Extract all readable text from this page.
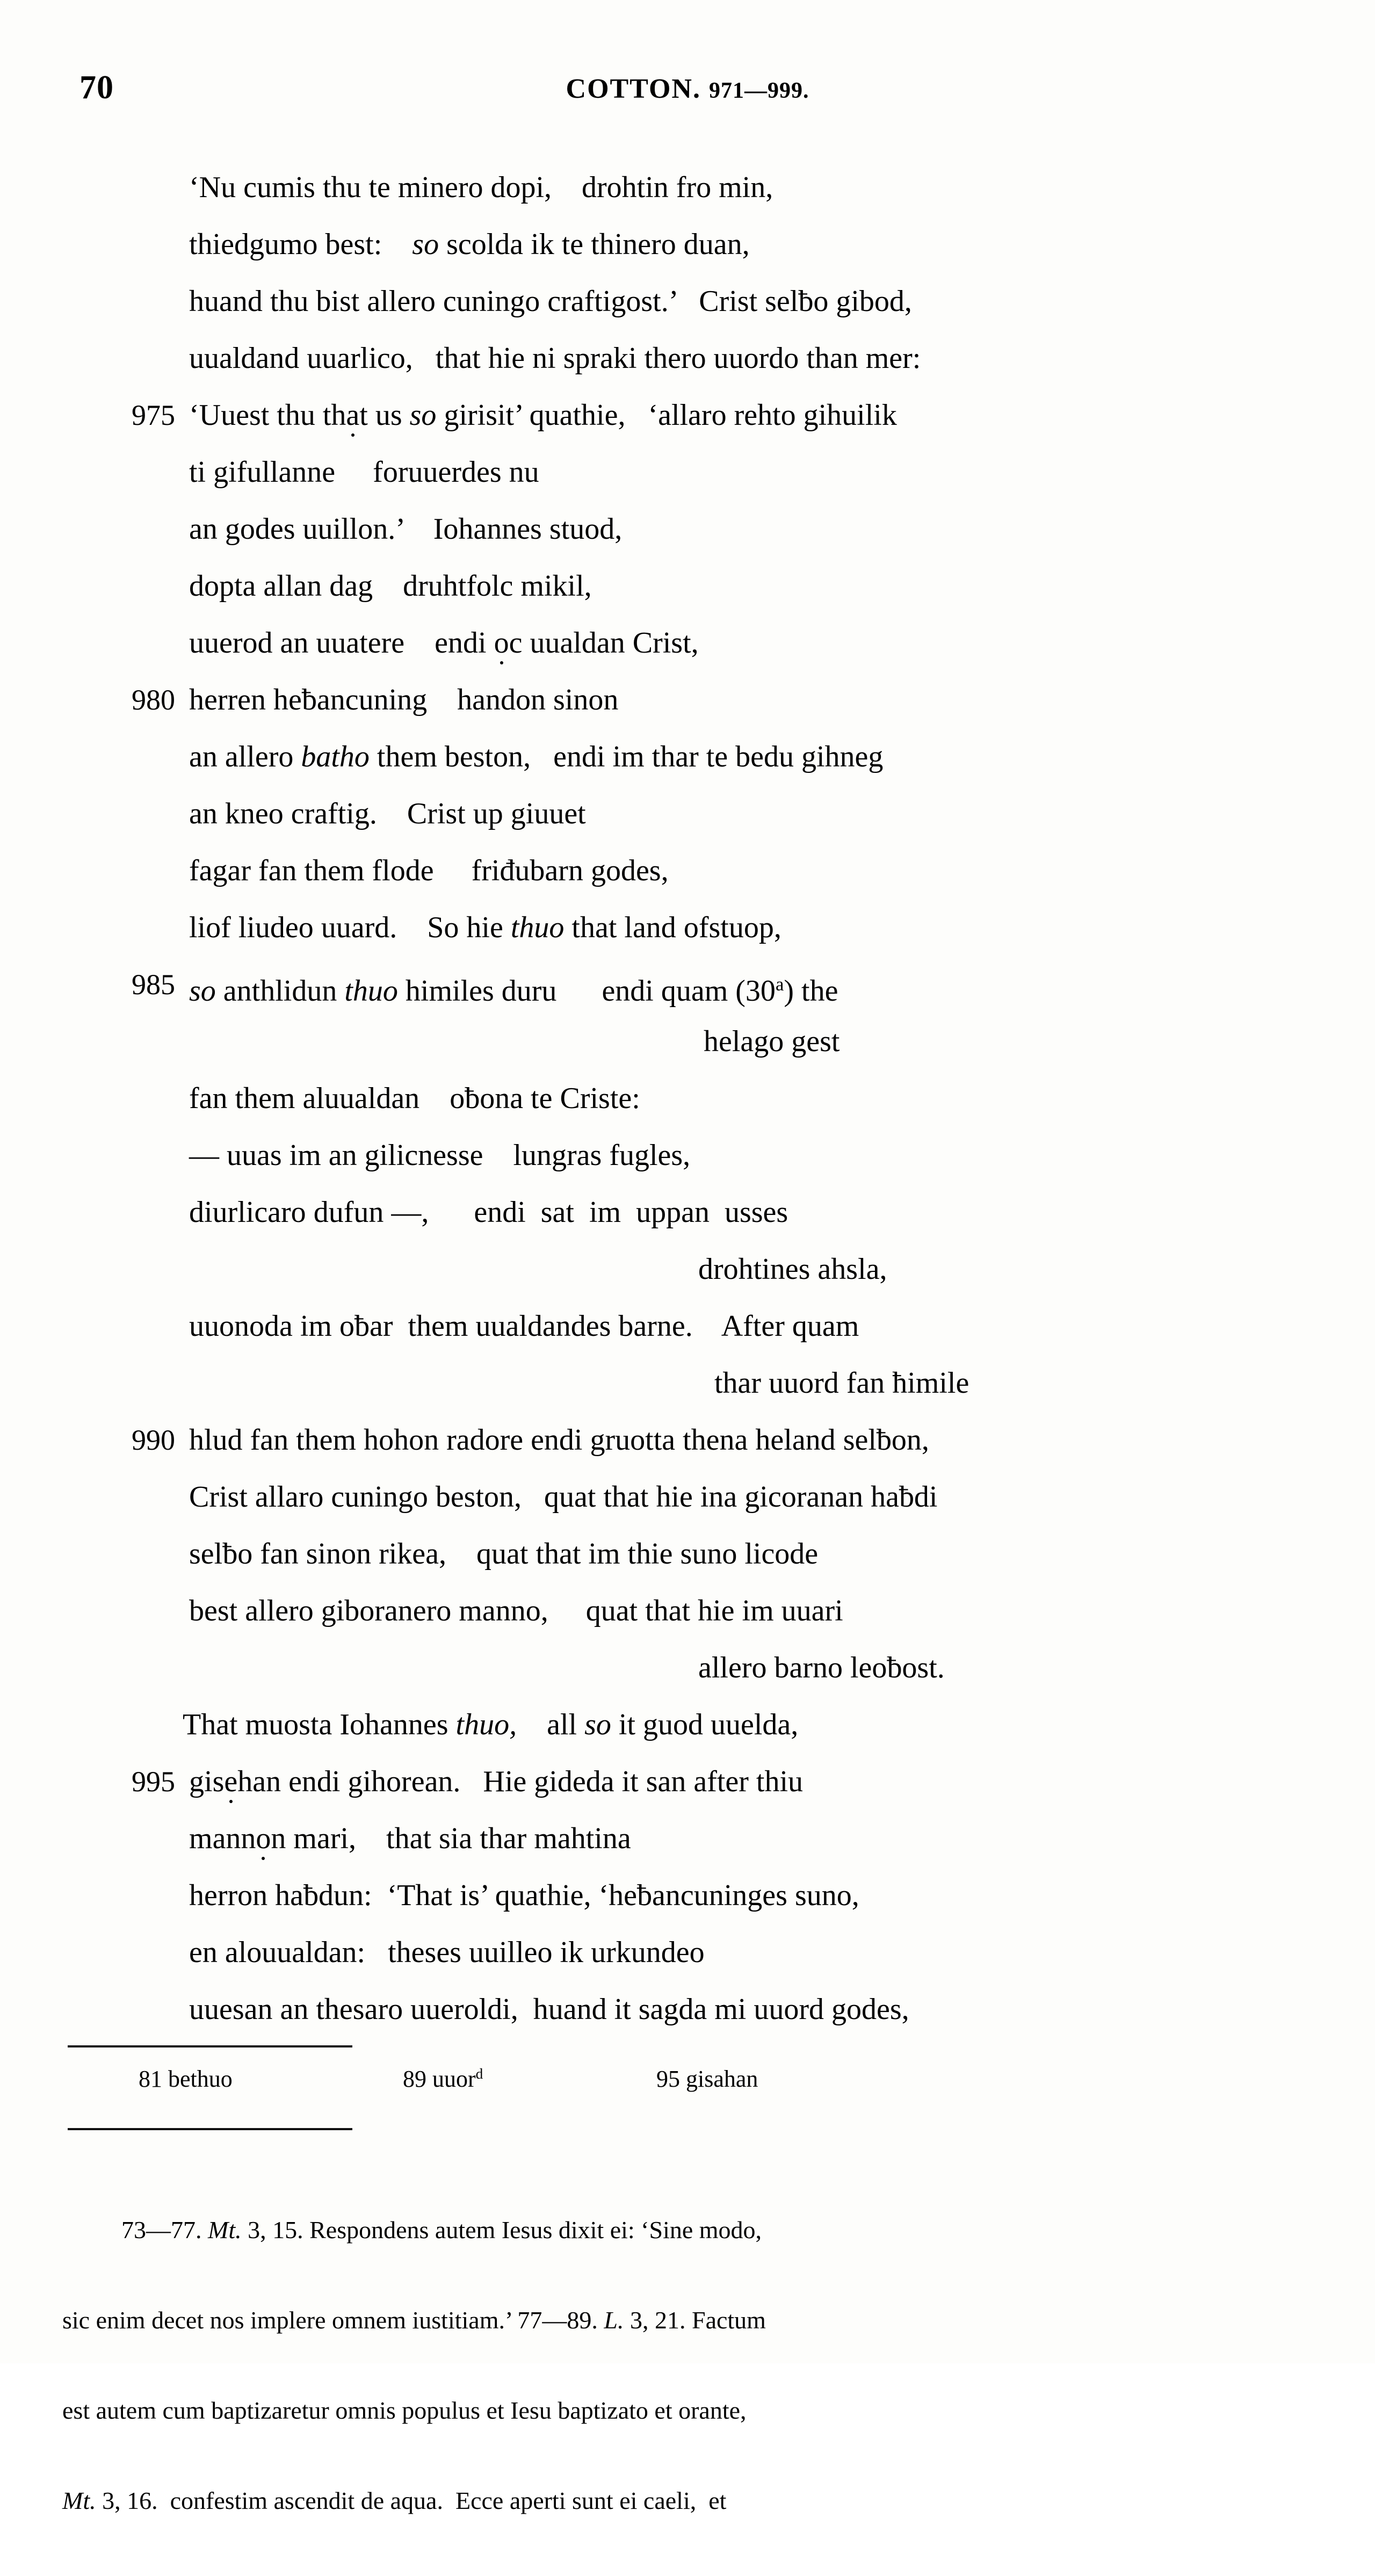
70	COTTON. 971—999.
‘Nu cumis thu te minero dopi, drohtin fro min,
thiedgumo best: so scolda ik te thinero duan,
huand thu bist allero cuningo craftigost.’ Crist selƀo gibod,
uualdand uuarlico, that hie ni spraki thero uuordo than mer:
975 ‘Uuest thu that us so girisit’ quathie, ‘allaro rehto gihuilik
ti gifullanne foruuerdes nu
an godes uuillon.’ Iohannes stuod,
dopta allan dag druhtfolc mikil,
uuerod an uuatere endi oc uualdan Crist,
980 herren heƀancuning handon sinon
an allero batho them beston, endi im thar te bedu gihneg
an kneo craftig. Crist up giuuet
fagar fan them flode friđubarn godes,
liof liudeo uuard. So hie thuo that land ofstuop,
985 so anthlidun thuo himiles duru endi quam (30$^a$) the
helago gest
fan them aluualdan oƀona te Criste:
— uuas im an gilicnesse lungras fugles,
diurlicaro dufun —, endi sat im uppan usses
drohtines ahsla,
uuonoda im oƀar them uualdandes barne. After quam
thar uuord fan ħimile
990 hlud fan them hohon radore endi gruotta thena heland selƀon,
Crist allaro cuningo beston, quat that hie ina gicoranan haƀdi
selƀo fan sinon rikea, quat that im thie suno licode
best allero giboranero manno, quat that hie im uuari
allero barno leoƀost.
That muosta Iohannes thuo, all so it guod uuelda,
995 gisehan endi gihorean. Hie gideda it san after thiu
mannon mari, that sia thar mahtina
herron haƀdun: ‘That is’ quathie, ‘heƀancuninges suno,
en alouualdan: theses uuilleo ik urkundeo
uuesan an thesaro uueroldi, huand it sagda mi uuord godes,

81 bethuo

	89 uuor$^d$

	95 gisahan

73—77. Mt. 3, 15. Respondens autem Iesus dixit ei: ‘Sine modo,

sic enim decet nos implere omnem iustitiam.’ 77—89. L. 3, 21. Factum

est autem cum baptizaretur omnis populus et Iesu baptizato et orante,

Mt. 3, 16.  confestim ascendit de aqua.  Ecce aperti sunt ei caeli,  et
